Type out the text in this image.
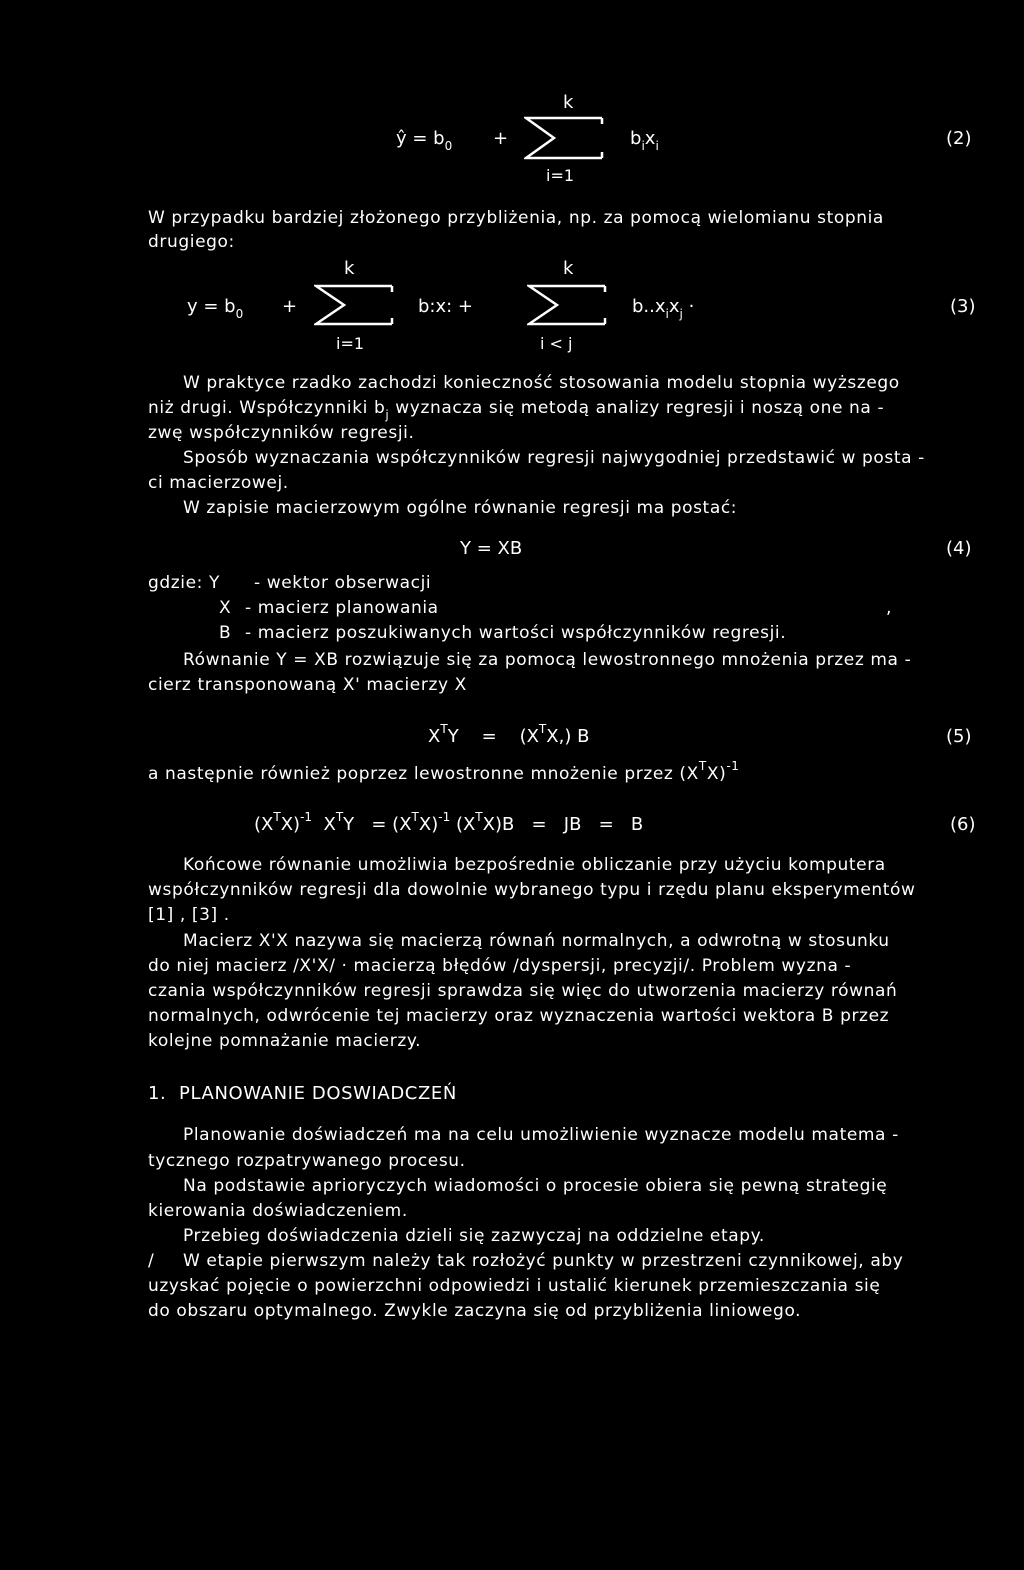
ŷ = $b_0$ +
k
i=1
$b_ix_i$	(2)
W przypadku bardziej złożonego przybliżenia, np. za pomocą wielomianu stopnia
drugiego:
k	k
$y = b_0$ +	b:x: +	$b..x_ix_j$ ·	(3)
i=1	i < j
W praktyce rzadko zachodzi konieczność stosowania modelu stopnia wyższego
niż drugi. Współczynniki $b_j$ wyznacza się metodą analizy regresji i noszą one na -
zwę współczynników regresji.
Sposób wyznaczania współczynników regresji najwygodniej przedstawić w posta -
ci macierzowej.
W zapisie macierzowym ogólne równanie regresji ma postać:
Y = XB	(4)
gdzie: Y - wektor obserwacji
X - macierz planowania	,
B - macierz poszukiwanych wartości współczynników regresji.
Równanie Y = XB rozwiązuje się za pomocą lewostronnego mnożenia przez ma -
cierz transponowaną X' macierzy X
$X^TY = (X^TX,)$ B	(5)
a następnie również poprzez lewostronne mnożenie przez $(X^TX)^{-1}$
$(X^TX)^{-1}$ $X^TY = (X^TX)^{-1}$ $(X^TX)B$ = JB = B	(6)
Końcowe równanie umożliwia bezpośrednie obliczanie przy użyciu komputera
współczynników regresji dla dowolnie wybranego typu i rzędu planu eksperymentów
[1] , [3] .
Macierz X'X nazywa się macierzą równań normalnych, a odwrotną w stosunku
do niej macierz /X'X/ · macierzą błędów /dyspersji, precyzji/. Problem wyzna -
czania współczynników regresji sprawdza się więc do utworzenia macierzy równań
normalnych, odwrócenie tej macierzy oraz wyznaczenia wartości wektora B przez
kolejne pomnażanie macierzy.
1. PLANOWANIE DOSWIADCZEŃ
Planowanie doświadczeń ma na celu umożliwienie wyznacze modelu matema -
tycznego rozpatrywanego procesu.
Na podstawie aprioryczych wiadomości o procesie obiera się pewną strategię
kierowania doświadczeniem.
Przebieg doświadczenia dzieli się zazwyczaj na oddzielne etapy.
/ W etapie pierwszym należy tak rozłożyć punkty w przestrzeni czynnikowej, aby
uzyskać pojęcie o powierzchni odpowiedzi i ustalić kierunek przemieszczania się
do obszaru optymalnego. Zwykle zaczyna się od przybliżenia liniowego.
